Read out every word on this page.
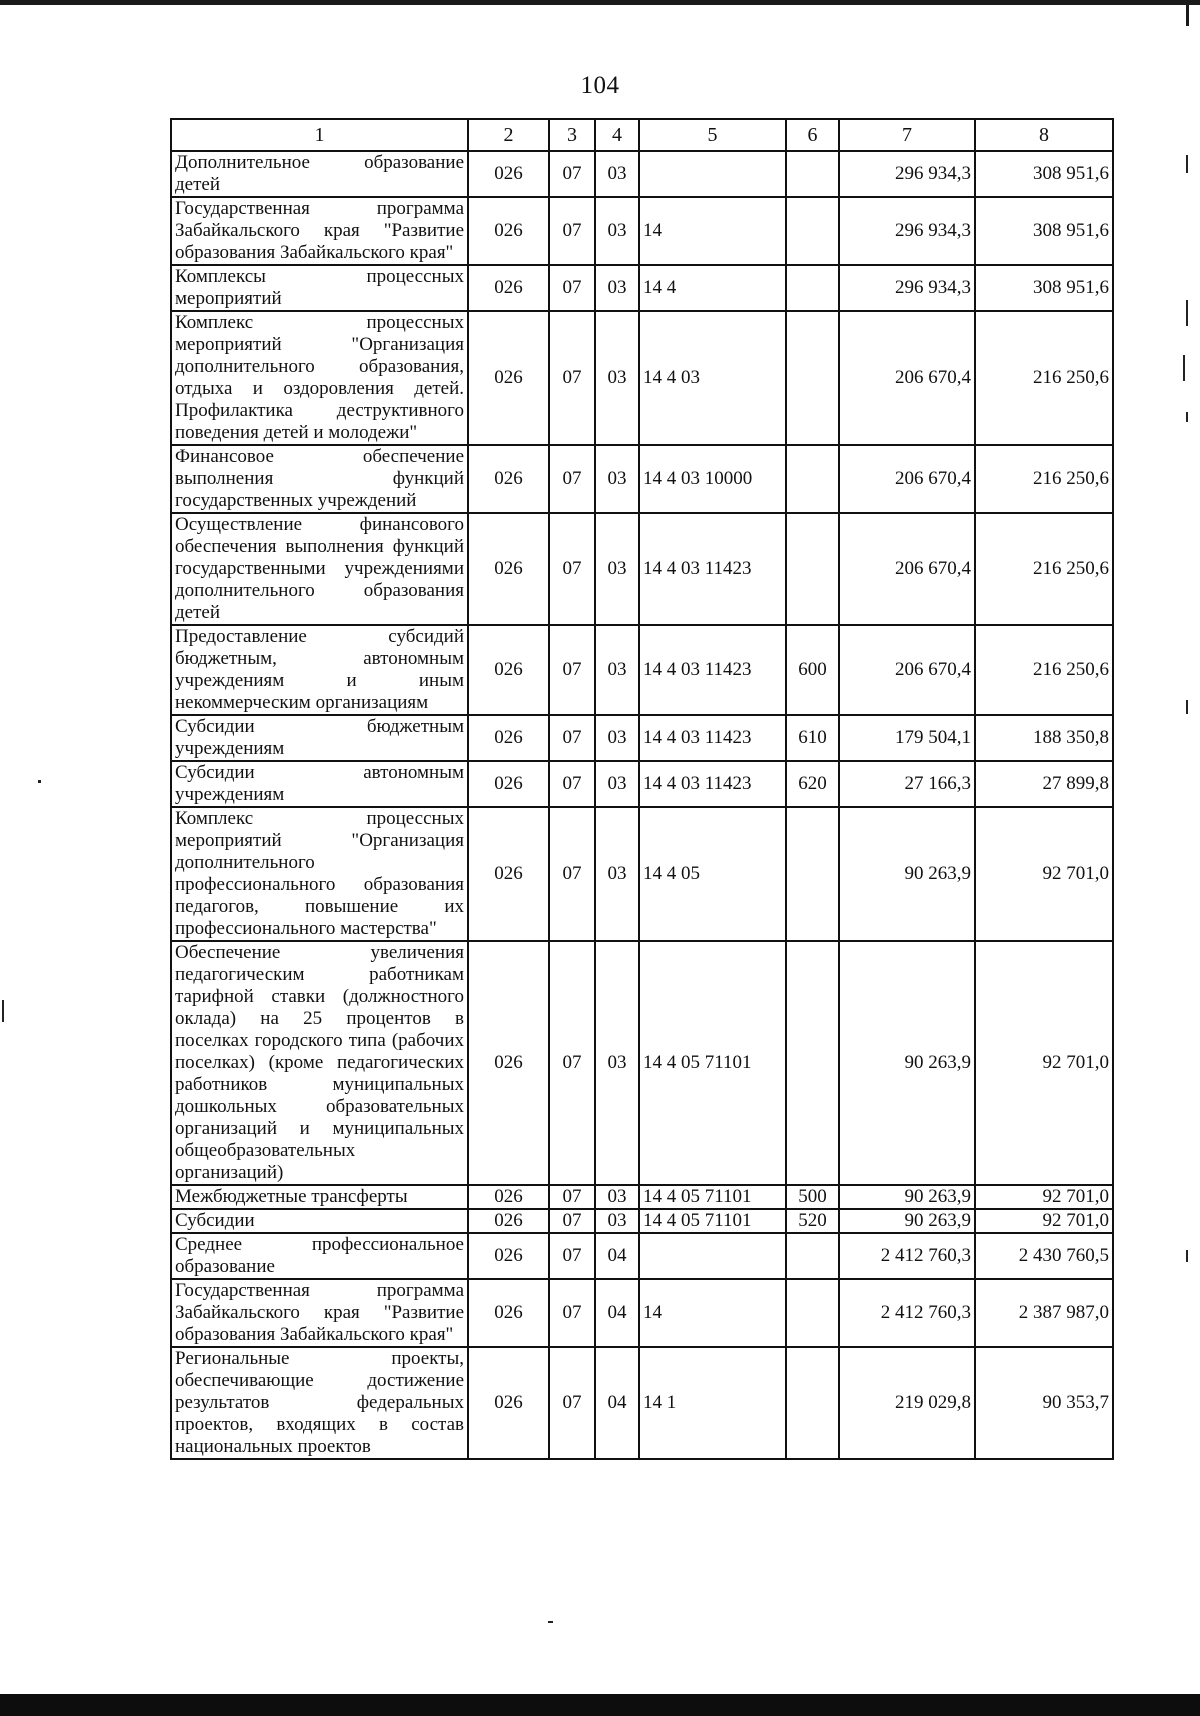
104
1	2	3	4	5	6	7	8
Дополнительное образование детей	026	07	03			296 934,3	308 951,6
Государственная программа Забайкальского края "Развитие образования Забайкальского края"	026	07	03	14		296 934,3	308 951,6
Комплексы процессных мероприятий	026	07	03	14 4		296 934,3	308 951,6
Комплекс процессных мероприятий "Организация дополнительного образования, отдыха и оздоровления детей. Профилактика деструктивного поведения детей и молодежи"	026	07	03	14 4 03		206 670,4	216 250,6
Финансовое обеспечение выполнения функций государственных учреждений	026	07	03	14 4 03 10000		206 670,4	216 250,6
Осуществление финансового обеспечения выполнения функций государственными учреждениями дополнительного образования детей	026	07	03	14 4 03 11423		206 670,4	216 250,6
Предоставление субсидий бюджетным, автономным учреждениям и иным некоммерческим организациям	026	07	03	14 4 03 11423	600	206 670,4	216 250,6
Субсидии бюджетным учреждениям	026	07	03	14 4 03 11423	610	179 504,1	188 350,8
Субсидии автономным учреждениям	026	07	03	14 4 03 11423	620	27 166,3	27 899,8
Комплекс процессных мероприятий "Организация дополнительного профессионального образования педагогов, повышение их профессионального мастерства"	026	07	03	14 4 05		90 263,9	92 701,0
Обеспечение увеличения педагогическим работникам тарифной ставки (должностного оклада) на 25 процентов в поселках городского типа (рабочих поселках) (кроме педагогических работников муниципальных дошкольных образовательных организаций и муниципальных общеобразовательных организаций)	026	07	03	14 4 05 71101		90 263,9	92 701,0
Межбюджетные трансферты	026	07	03	14 4 05 71101	500	90 263,9	92 701,0
Субсидии	026	07	03	14 4 05 71101	520	90 263,9	92 701,0
Среднее профессиональное образование	026	07	04			2 412 760,3	2 430 760,5
Государственная программа Забайкальского края "Развитие образования Забайкальского края"	026	07	04	14		2 412 760,3	2 387 987,0
Региональные проекты, обеспечивающие достижение результатов федеральных проектов, входящих в состав национальных проектов	026	07	04	14 1		219 029,8	90 353,7
